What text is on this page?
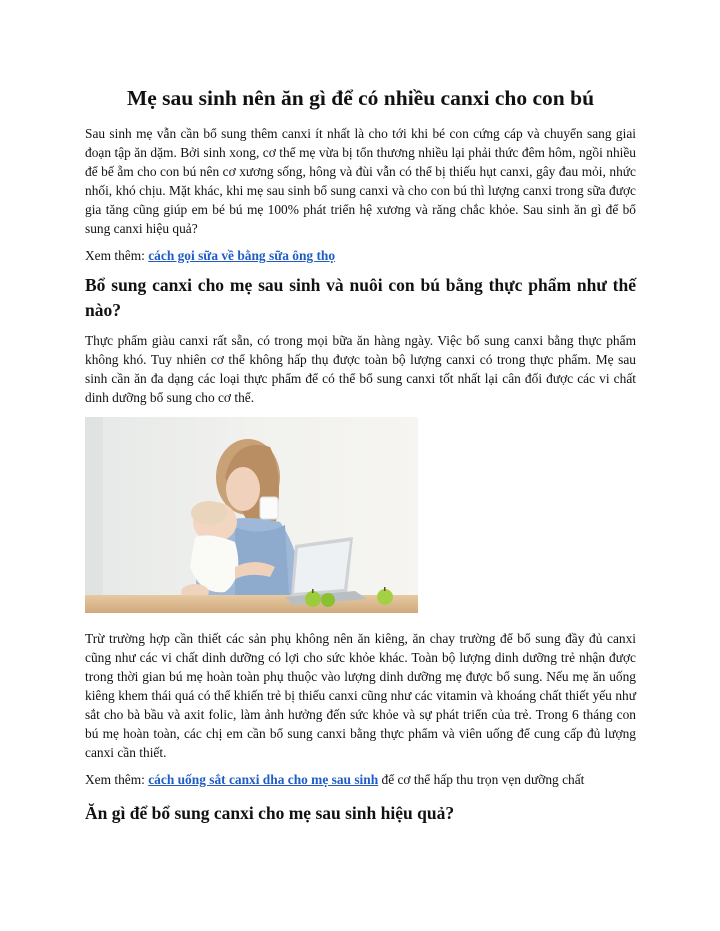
Mẹ sau sinh nên ăn gì để có nhiều canxi cho con bú

Sau sinh mẹ vẫn cần bổ sung thêm canxi ít nhất là cho tới khi bé con cứng cáp và chuyển sang giai đoạn tập ăn dặm. Bởi sinh xong, cơ thể mẹ vừa bị tổn thương nhiều lại phải thức đêm hôm, ngồi nhiều để bế ẵm cho con bú nên cơ xương sống, hông và đùi vẫn có thể bị thiếu hụt canxi, gây đau mỏi, nhức nhối, khó chịu. Mặt khác, khi mẹ sau sinh bổ sung canxi và cho con bú thì lượng canxi trong sữa được gia tăng cũng giúp em bé bú mẹ 100% phát triển hệ xương và răng chắc khỏe. Sau sinh ăn gì để bổ sung canxi hiệu quả?

Xem thêm: cách gọi sữa về bằng sữa ông thọ

Bổ sung canxi cho mẹ sau sinh và nuôi con bú bằng thực phẩm như thế nào?

Thực phẩm giàu canxi rất sẵn, có trong mọi bữa ăn hàng ngày. Việc bổ sung canxi bằng thực phẩm không khó. Tuy nhiên cơ thể không hấp thụ được toàn bộ lượng canxi có trong thực phẩm. Mẹ sau sinh cần ăn đa dạng các loại thực phẩm để có thể bổ sung canxi tốt nhất lại cân đối được các vi chất dinh dưỡng bổ sung cho cơ thể.

Trừ trường hợp cần thiết các sản phụ không nên ăn kiêng, ăn chay trường để bổ sung đầy đủ canxi cũng như các vi chất dinh dưỡng có lợi cho sức khỏe khác. Toàn bộ lượng dinh dưỡng trẻ nhận được trong thời gian bú mẹ hoàn toàn phụ thuộc vào lượng dinh dưỡng mẹ được bổ sung. Nếu mẹ ăn uống kiêng khem thái quá có thể khiến trẻ bị thiếu canxi cũng như các vitamin và khoáng chất thiết yếu như sắt cho bà bầu và axit folic, làm ảnh hưởng đến sức khỏe và sự phát triển của trẻ. Trong 6 tháng con bú mẹ hoàn toàn, các chị em cần bổ sung canxi bằng thực phẩm và viên uống để cung cấp đủ lượng canxi cần thiết.

Xem thêm: cách uống sắt canxi dha cho mẹ sau sinh để cơ thể hấp thu trọn vẹn dưỡng chất

Ăn gì để bổ sung canxi cho mẹ sau sinh hiệu quả?
